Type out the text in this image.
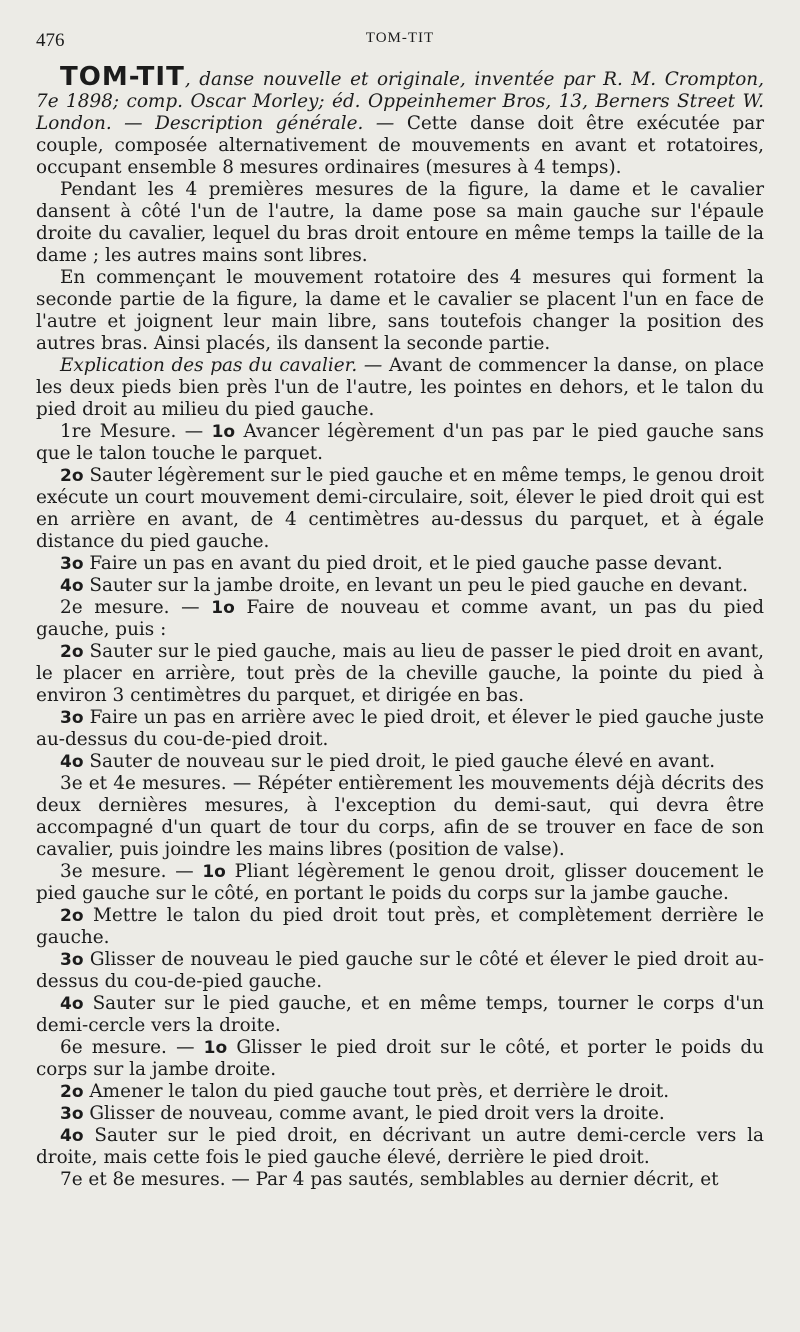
476	TOM-TIT

TOM-TIT, danse nouvelle et originale, inventée par R. M. Crompton, 7e 1898; comp. Oscar Morley; éd. Oppeinhemer Bros, 13, Berners Street W. London. — Description générale. — Cette danse doit être exécutée par couple, composée alternativement de mouvements en avant et rotatoires, occupant ensemble 8 mesures ordinaires (mesures à 4 temps).

Pendant les 4 premières mesures de la figure, la dame et le cavalier dansent à côté l'un de l'autre, la dame pose sa main gauche sur l'épaule droite du cavalier, lequel du bras droit entoure en même temps la taille de la dame ; les autres mains sont libres.

En commençant le mouvement rotatoire des 4 mesures qui forment la seconde partie de la figure, la dame et le cavalier se placent l'un en face de l'autre et joignent leur main libre, sans toutefois changer la position des autres bras. Ainsi placés, ils dansent la seconde partie.

Explication des pas du cavalier. — Avant de commencer la danse, on place les deux pieds bien près l'un de l'autre, les pointes en dehors, et le talon du pied droit au milieu du pied gauche.

1re Mesure. — 1o Avancer légèrement d'un pas par le pied gauche sans que le talon touche le parquet.

2o Sauter légèrement sur le pied gauche et en même temps, le genou droit exécute un court mouvement demi-circulaire, soit, élever le pied droit qui est en arrière en avant, de 4 centimètres au-dessus du parquet, et à égale distance du pied gauche.

3o Faire un pas en avant du pied droit, et le pied gauche passe devant.

4o Sauter sur la jambe droite, en levant un peu le pied gauche en devant.

2e mesure. — 1o Faire de nouveau et comme avant, un pas du pied gauche, puis :

2o Sauter sur le pied gauche, mais au lieu de passer le pied droit en avant, le placer en arrière, tout près de la cheville gauche, la pointe du pied à environ 3 centimètres du parquet, et dirigée en bas.

3o Faire un pas en arrière avec le pied droit, et élever le pied gauche juste au-dessus du cou-de-pied droit.

4o Sauter de nouveau sur le pied droit, le pied gauche élevé en avant.

3e et 4e mesures. — Répéter entièrement les mouvements déjà décrits des deux dernières mesures, à l'exception du demi-saut, qui devra être accompagné d'un quart de tour du corps, afin de se trouver en face de son cavalier, puis joindre les mains libres (position de valse).

3e mesure. — 1o Pliant légèrement le genou droit, glisser doucement le pied gauche sur le côté, en portant le poids du corps sur la jambe gauche.

2o Mettre le talon du pied droit tout près, et complètement derrière le gauche.

3o Glisser de nouveau le pied gauche sur le côté et élever le pied droit au-dessus du cou-de-pied gauche.

4o Sauter sur le pied gauche, et en même temps, tourner le corps d'un demi-cercle vers la droite.

6e mesure. — 1o Glisser le pied droit sur le côté, et porter le poids du corps sur la jambe droite.

2o Amener le talon du pied gauche tout près, et derrière le droit.

3o Glisser de nouveau, comme avant, le pied droit vers la droite.

4o Sauter sur le pied droit, en décrivant un autre demi-cercle vers la droite, mais cette fois le pied gauche élevé, derrière le pied droit.

7e et 8e mesures. — Par 4 pas sautés, semblables au dernier décrit, et
